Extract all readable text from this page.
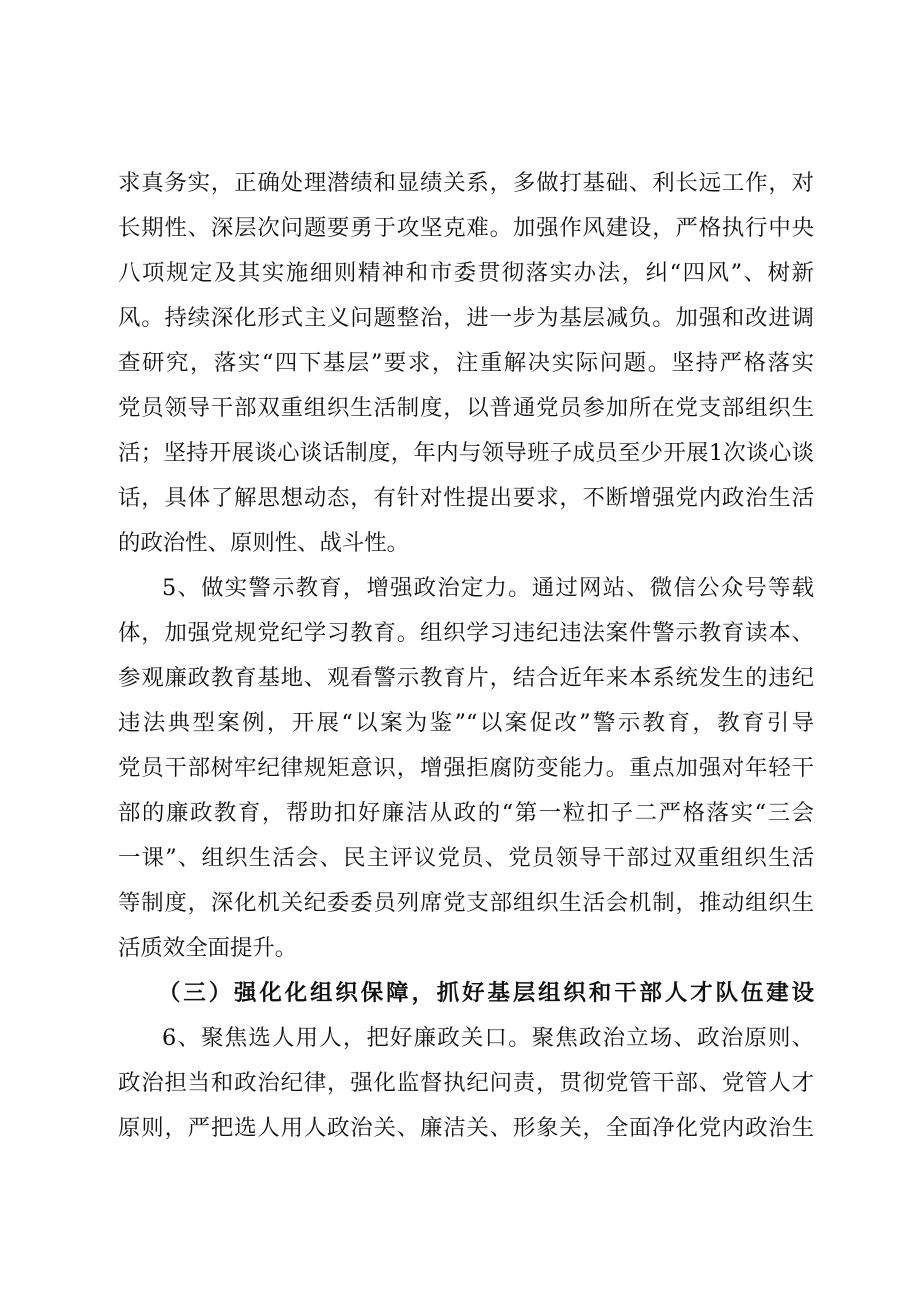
求真务实，正确处理潜绩和显绩关系，多做打基础、利长远工作，对
长期性、深层次问题要勇于攻坚克难。加强作风建设，严格执行中央
八项规定及其实施细则精神和市委贯彻落实办法，纠“四风”、树新
风。持续深化形式主义问题整治，进一步为基层减负。加强和改进调
查研究，落实“四下基层”要求，注重解决实际问题。坚持严格落实
党员领导干部双重组织生活制度，以普通党员参加所在党支部组织生
活；坚持开展谈心谈话制度，年内与领导班子成员至少开展1次谈心谈
话，具体了解思想动态，有针对性提出要求，不断增强党内政治生活
的政治性、原则性、战斗性。
5、做实警示教育，增强政治定力。通过网站、微信公众号等载
体，加强党规党纪学习教育。组织学习违纪违法案件警示教育读本、
参观廉政教育基地、观看警示教育片，结合近年来本系统发生的违纪
违法典型案例，开展“以案为鉴”“以案促改”警示教育，教育引导
党员干部树牢纪律规矩意识，增强拒腐防变能力。重点加强对年轻干
部的廉政教育，帮助扣好廉洁从政的“第一粒扣子二严格落实“三会
一课”、组织生活会、民主评议党员、党员领导干部过双重组织生活
等制度，深化机关纪委委员列席党支部组织生活会机制，推动组织生
活质效全面提升。
（三）强化化组织保障，抓好基层组织和干部人才队伍建设
6、聚焦选人用人，把好廉政关口。聚焦政治立场、政治原则、
政治担当和政治纪律，强化监督执纪问责，贯彻党管干部、党管人才
原则，严把选人用人政治关、廉洁关、形象关，全面净化党内政治生
